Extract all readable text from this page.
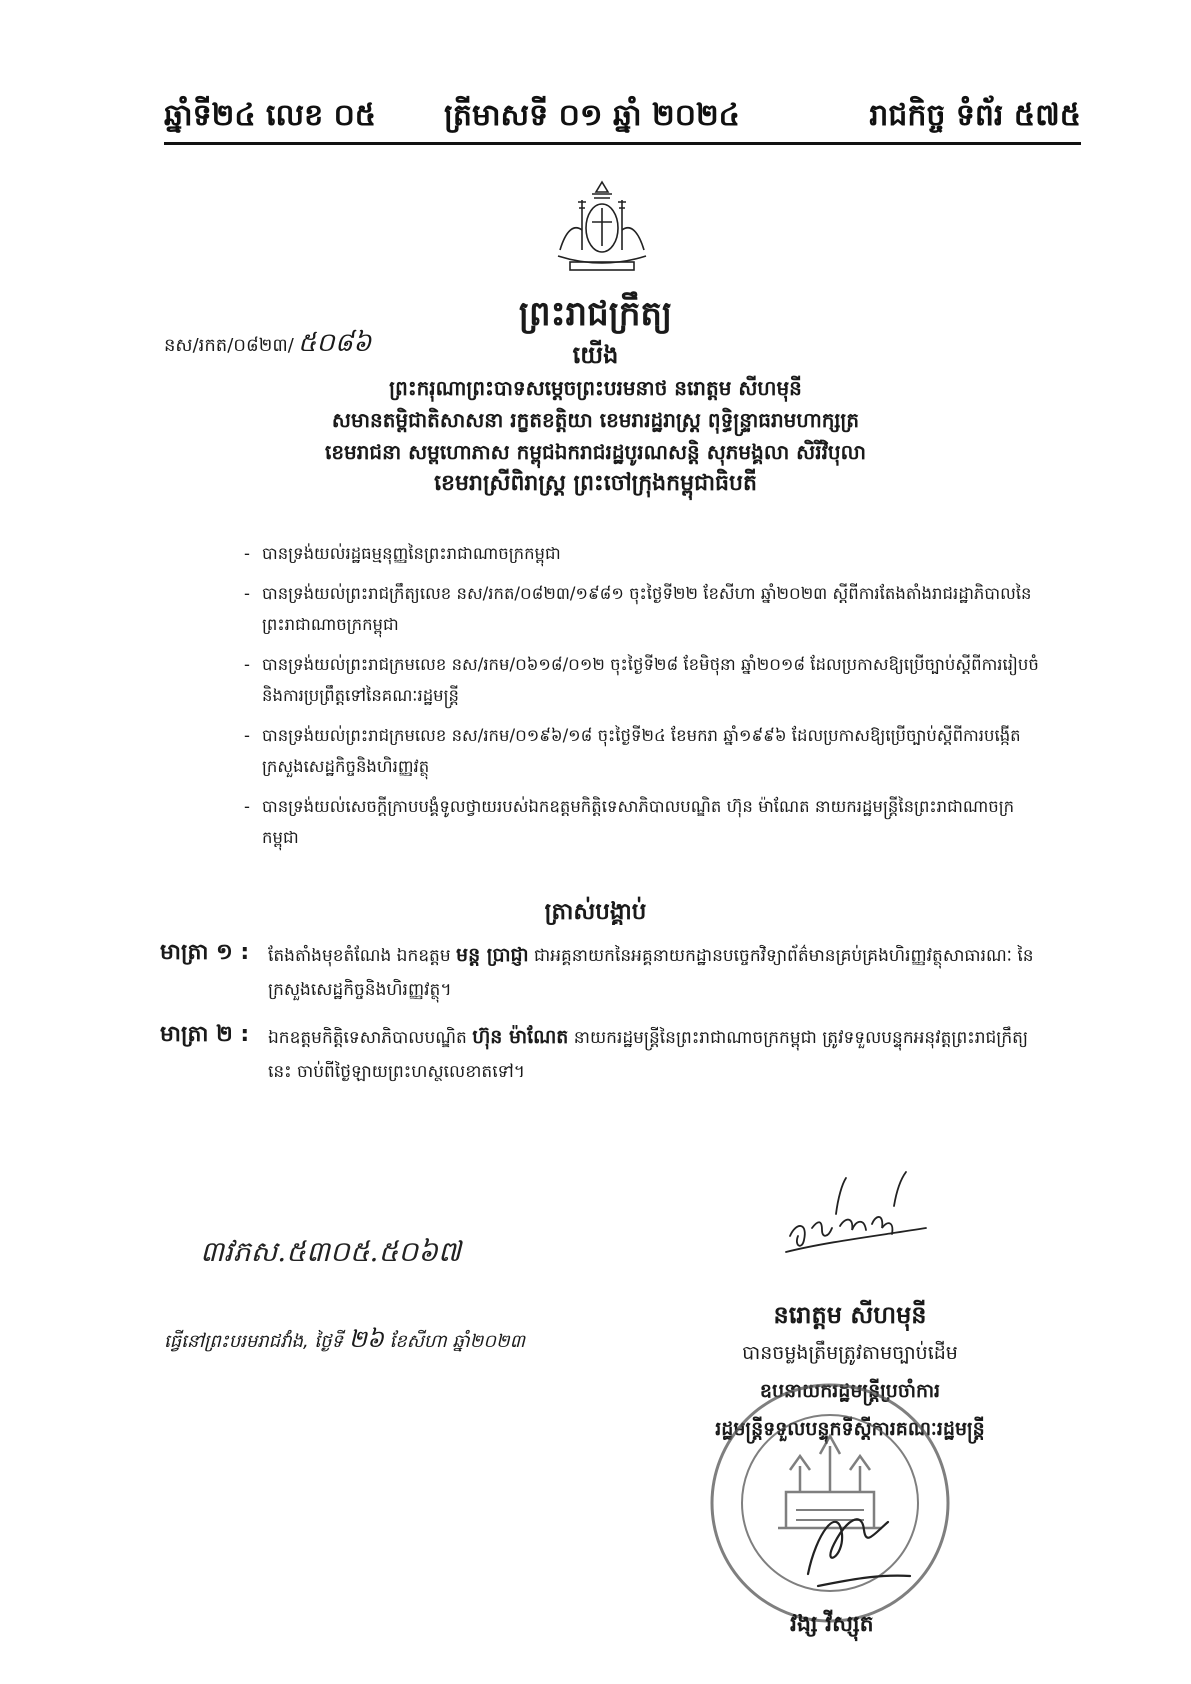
ឆ្នាំទី២៤ លេខ ០៥ ត្រីមាសទី ០១ ឆ្នាំ ២០២៤	រាជកិច្ច ទំព័រ ៥៧៥
ព្រះរាជក្រឹត្យ
នស/រកត/០៨២៣/ ៥០៨៦	យើង
ព្រះករុណាព្រះបាទសម្តេចព្រះបរមនាថ នរោត្តម សីហមុនី
សមានតម្ពិជាតិសាសនា រក្ខតខត្តិយា ខេមរារដ្ឋរាស្ត្រ ពុទ្ធិន្ទ្រាធរាមហាក្សត្រ
ខេមរាជនា សម្ពហោភាស កម្ពុជឯករាជរដ្ឋបូរណសន្តិ សុភមង្គលា សិរីវិបុលា
ខេមរាស្រីពិរាស្ត្រ ព្រះចៅក្រុងកម្ពុជាធិបតី
- បានទ្រង់យល់រដ្ឋធម្មនុញ្ញនៃព្រះរាជាណាចក្រកម្ពុជា
- បានទ្រង់យល់ព្រះរាជក្រឹត្យលេខ នស/រកត/០៨២៣/១៩៨១ ចុះថ្ងៃទី២២ ខែសីហា ឆ្នាំ២០២៣ ស្តីពីការតែងតាំងរាជរដ្ឋាភិបាលនៃព្រះរាជាណាចក្រកម្ពុជា
- បានទ្រង់យល់ព្រះរាជក្រមលេខ នស/រកម/០៦១៨/០១២ ចុះថ្ងៃទី២៨ ខែមិថុនា ឆ្នាំ២០១៨ ដែលប្រកាសឱ្យប្រើច្បាប់ស្តីពីការរៀបចំនិងការប្រព្រឹត្តទៅនៃគណៈរដ្ឋមន្ត្រី
- បានទ្រង់យល់ព្រះរាជក្រមលេខ នស/រកម/០១៩៦/១៨ ចុះថ្ងៃទី២៤ ខែមករា ឆ្នាំ១៩៩៦ ដែលប្រកាសឱ្យប្រើច្បាប់ស្តីពីការបង្កើតក្រសួងសេដ្ឋកិច្ចនិងហិរញ្ញវត្ថុ
- បានទ្រង់យល់សេចក្តីក្រាបបង្គំទូលថ្វាយរបស់ឯកឧត្តមកិត្តិទេសាភិបាលបណ្ឌិត ហ៊ុន ម៉ាណែត នាយករដ្ឋមន្ត្រីនៃព្រះរាជាណាចក្រកម្ពុជា
ត្រាស់បង្គាប់
មាត្រា ១ : តែងតាំងមុខតំណែង ឯកឧត្តម មន្ត ប្រាជ្ញា ជាអគ្គនាយកនៃអគ្គនាយកដ្ឋានបច្ចេកវិទ្យាព័ត៌មានគ្រប់គ្រងហិរញ្ញវត្ថុសាធារណៈ នៃក្រសួងសេដ្ឋកិច្ចនិងហិរញ្ញវត្ថុ។
មាត្រា ២ : ឯកឧត្តមកិត្តិទេសាភិបាលបណ្ឌិត ហ៊ុន ម៉ាណែត នាយករដ្ឋមន្ត្រីនៃព្រះរាជាណាចក្រកម្ពុជា ត្រូវទទួលបន្ទុកអនុវត្តព្រះរាជក្រឹត្យនេះ ចាប់ពីថ្ងៃឡាយព្រះហស្ថលេខាតទៅ។
៣វភស.៥៣០៥.៥០៦៧
ធ្វើនៅព្រះបរមរាជវាំង, ថ្ងៃទី ២៦ ខែសីហា ឆ្នាំ២០២៣
នរោត្តម សីហមុនី
បានចម្លងត្រឹមត្រូវតាមច្បាប់ដើម
ឧបនាយករដ្ឋមន្ត្រីប្រចាំការ
រដ្ឋមន្ត្រីទទួលបន្ទុកទីស្តីការគណៈរដ្ឋមន្ត្រី
វង្ស វីស្សុត
